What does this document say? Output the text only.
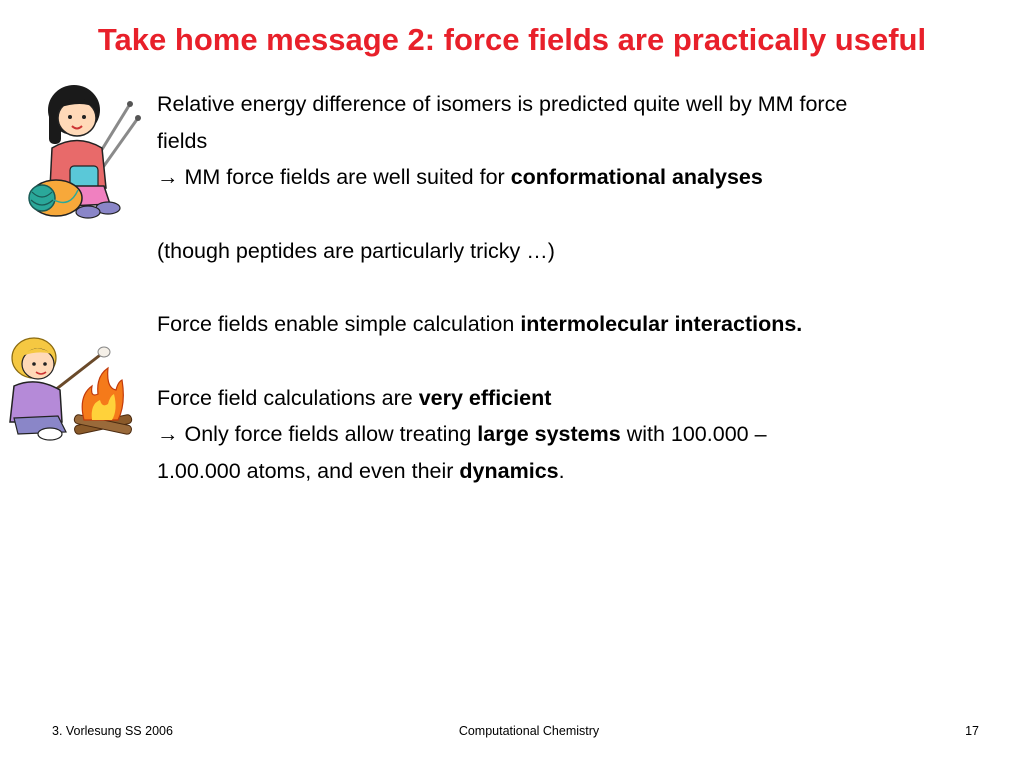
Take home message 2: force fields are practically useful
Relative energy difference of isomers is predicted quite well by MM force
fields
→ MM force fields are well suited for conformational analyses
(though peptides are particularly tricky …)
Force fields enable simple calculation intermolecular interactions.
Force field calculations are very efficient
→ Only force fields allow treating large systems with 100.000 –
1.00.000 atoms, and even their dynamics.
3. Vorlesung SS 2006	Computational Chemistry	17
